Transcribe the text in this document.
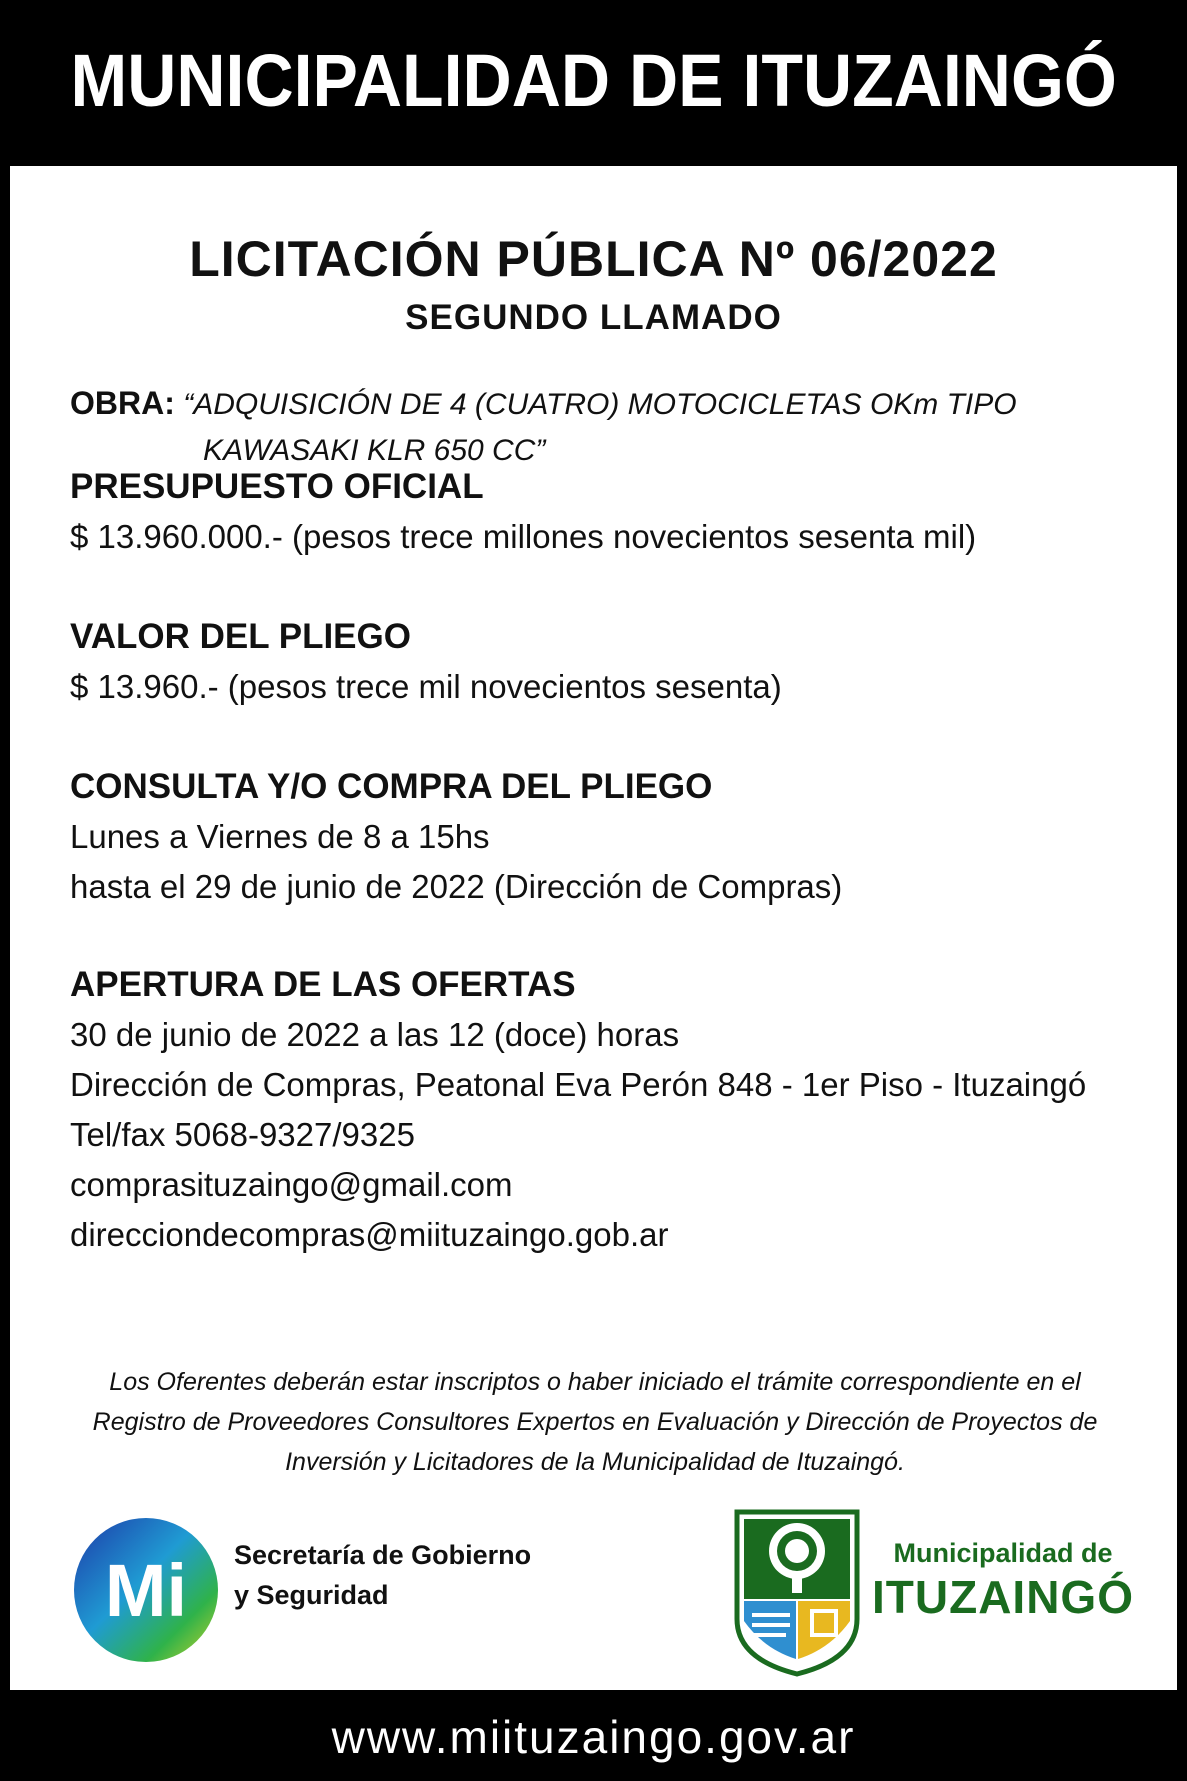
MUNICIPALIDAD DE ITUZAINGÓ
LICITACIÓN PÚBLICA Nº 06/2022
SEGUNDO LLAMADO
OBRA: “ADQUISICIÓN DE 4 (CUATRO) MOTOCICLETAS OKm TIPO
KAWASAKI KLR 650 CC”
PRESUPUESTO OFICIAL
$ 13.960.000.- (pesos trece millones novecientos sesenta mil)
VALOR DEL PLIEGO
$ 13.960.- (pesos trece mil novecientos sesenta)
CONSULTA Y/O COMPRA DEL PLIEGO
Lunes a Viernes de 8 a 15hs
hasta el 29 de junio de 2022 (Dirección de Compras)
APERTURA DE LAS OFERTAS
30 de junio de 2022 a las 12 (doce) horas
Dirección de Compras, Peatonal Eva Perón 848 - 1er Piso - Ituzaingó
Tel/fax 5068-9327/9325
comprasituzaingo@gmail.com
direcciondecompras@miituzaingo.gob.ar
Los Oferentes deberán estar inscriptos o haber iniciado el trámite correspondiente en el
Registro de Proveedores Consultores Expertos en Evaluación y Dirección de Proyectos de
Inversión y Licitadores de la Municipalidad de Ituzaingó.
Mi Secretaría de Gobierno
y Seguridad
Municipalidad de
ITUZAINGÓ
www.miituzaingo.gov.ar
